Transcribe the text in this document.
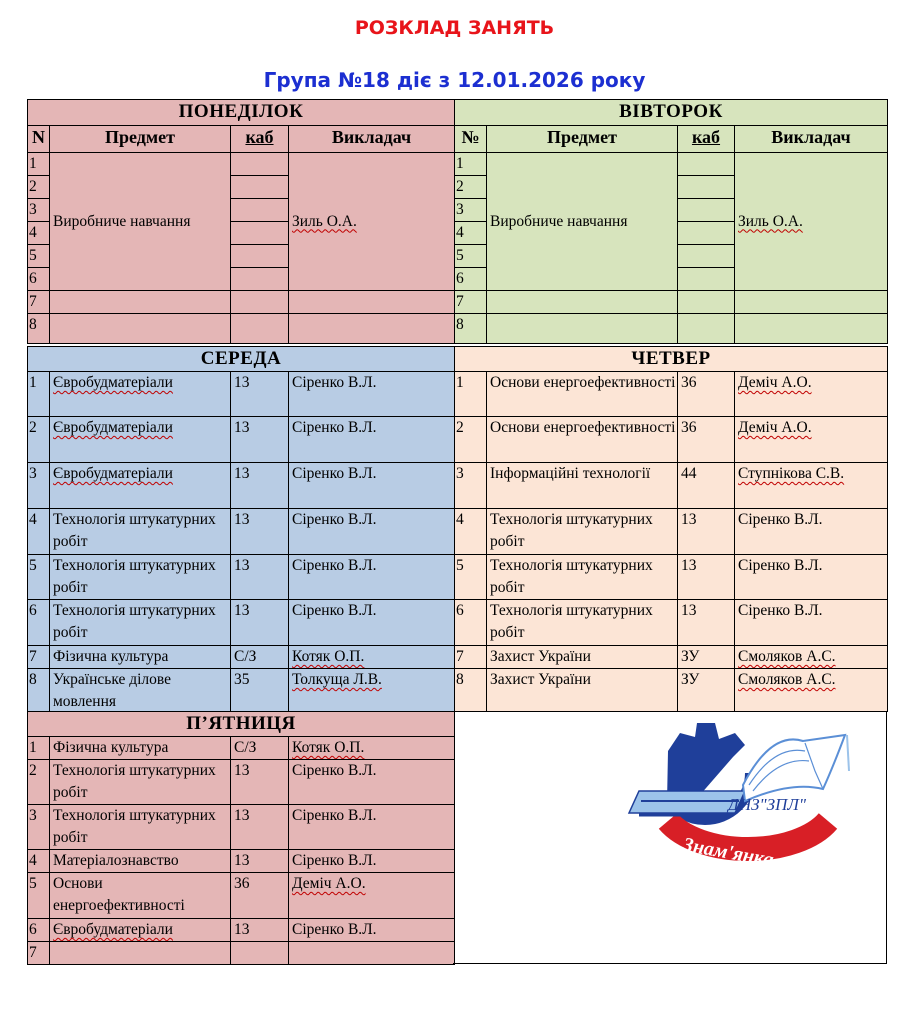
РОЗКЛАД ЗАНЯТЬ
Група №18 діє з 12.01.2026 року
ПОНЕДІЛОК			
N	Предмет	каб	Викладач
1	Виробниче навчання		Зиль О.А.
2			
3			
4			
5			
6			
7			
8			
ВІВТОРОК			
№	Предмет	каб	Викладач
1	Виробниче навчання		Зиль О.А.
2			
3			
4			
5			
6			
7			
8			
СЕРЕДА			
1	Євробудматеріали	13	Сіренко В.Л.
2	Євробудматеріали	13	Сіренко В.Л.
3	Євробудматеріали	13	Сіренко В.Л.
4	Технологія штукатурних робіт	13	Сіренко В.Л.
5	Технологія штукатурних робіт	13	Сіренко В.Л.
6	Технологія штукатурних робіт	13	Сіренко В.Л.
7	Фізична культура	С/З	Котяк О.П.
8	Українське ділове мовлення	35	Толкуща Л.В.
ЧЕТВЕР			
1	Основи енергоефективності	36	Деміч А.О.
2	Основи енергоефективності	36	Деміч А.О.
3	Інформаційні технології	44	Ступнікова С.В.
4	Технологія штукатурних робіт	13	Сіренко В.Л.
5	Технологія штукатурних робіт	13	Сіренко В.Л.
6	Технологія штукатурних робіт	13	Сіренко В.Л.
7	Захист України	ЗУ	Смоляков А.С.
8	Захист України	ЗУ	Смоляков А.С.
П’ЯТНИЦЯ			
1	Фізична культура	С/З	Котяк О.П.
2	Технологія штукатурних робіт	13	Сіренко В.Л.
3	Технологія штукатурних робіт	13	Сіренко В.Л.
4	Матеріалознавство	13	Сіренко В.Л.
5	Основи енергоефективності	36	Деміч А.О.
6	Євробудматеріали	13	Сіренко В.Л.
7			
Знам'янка
ДНЗ"ЗПЛ"
